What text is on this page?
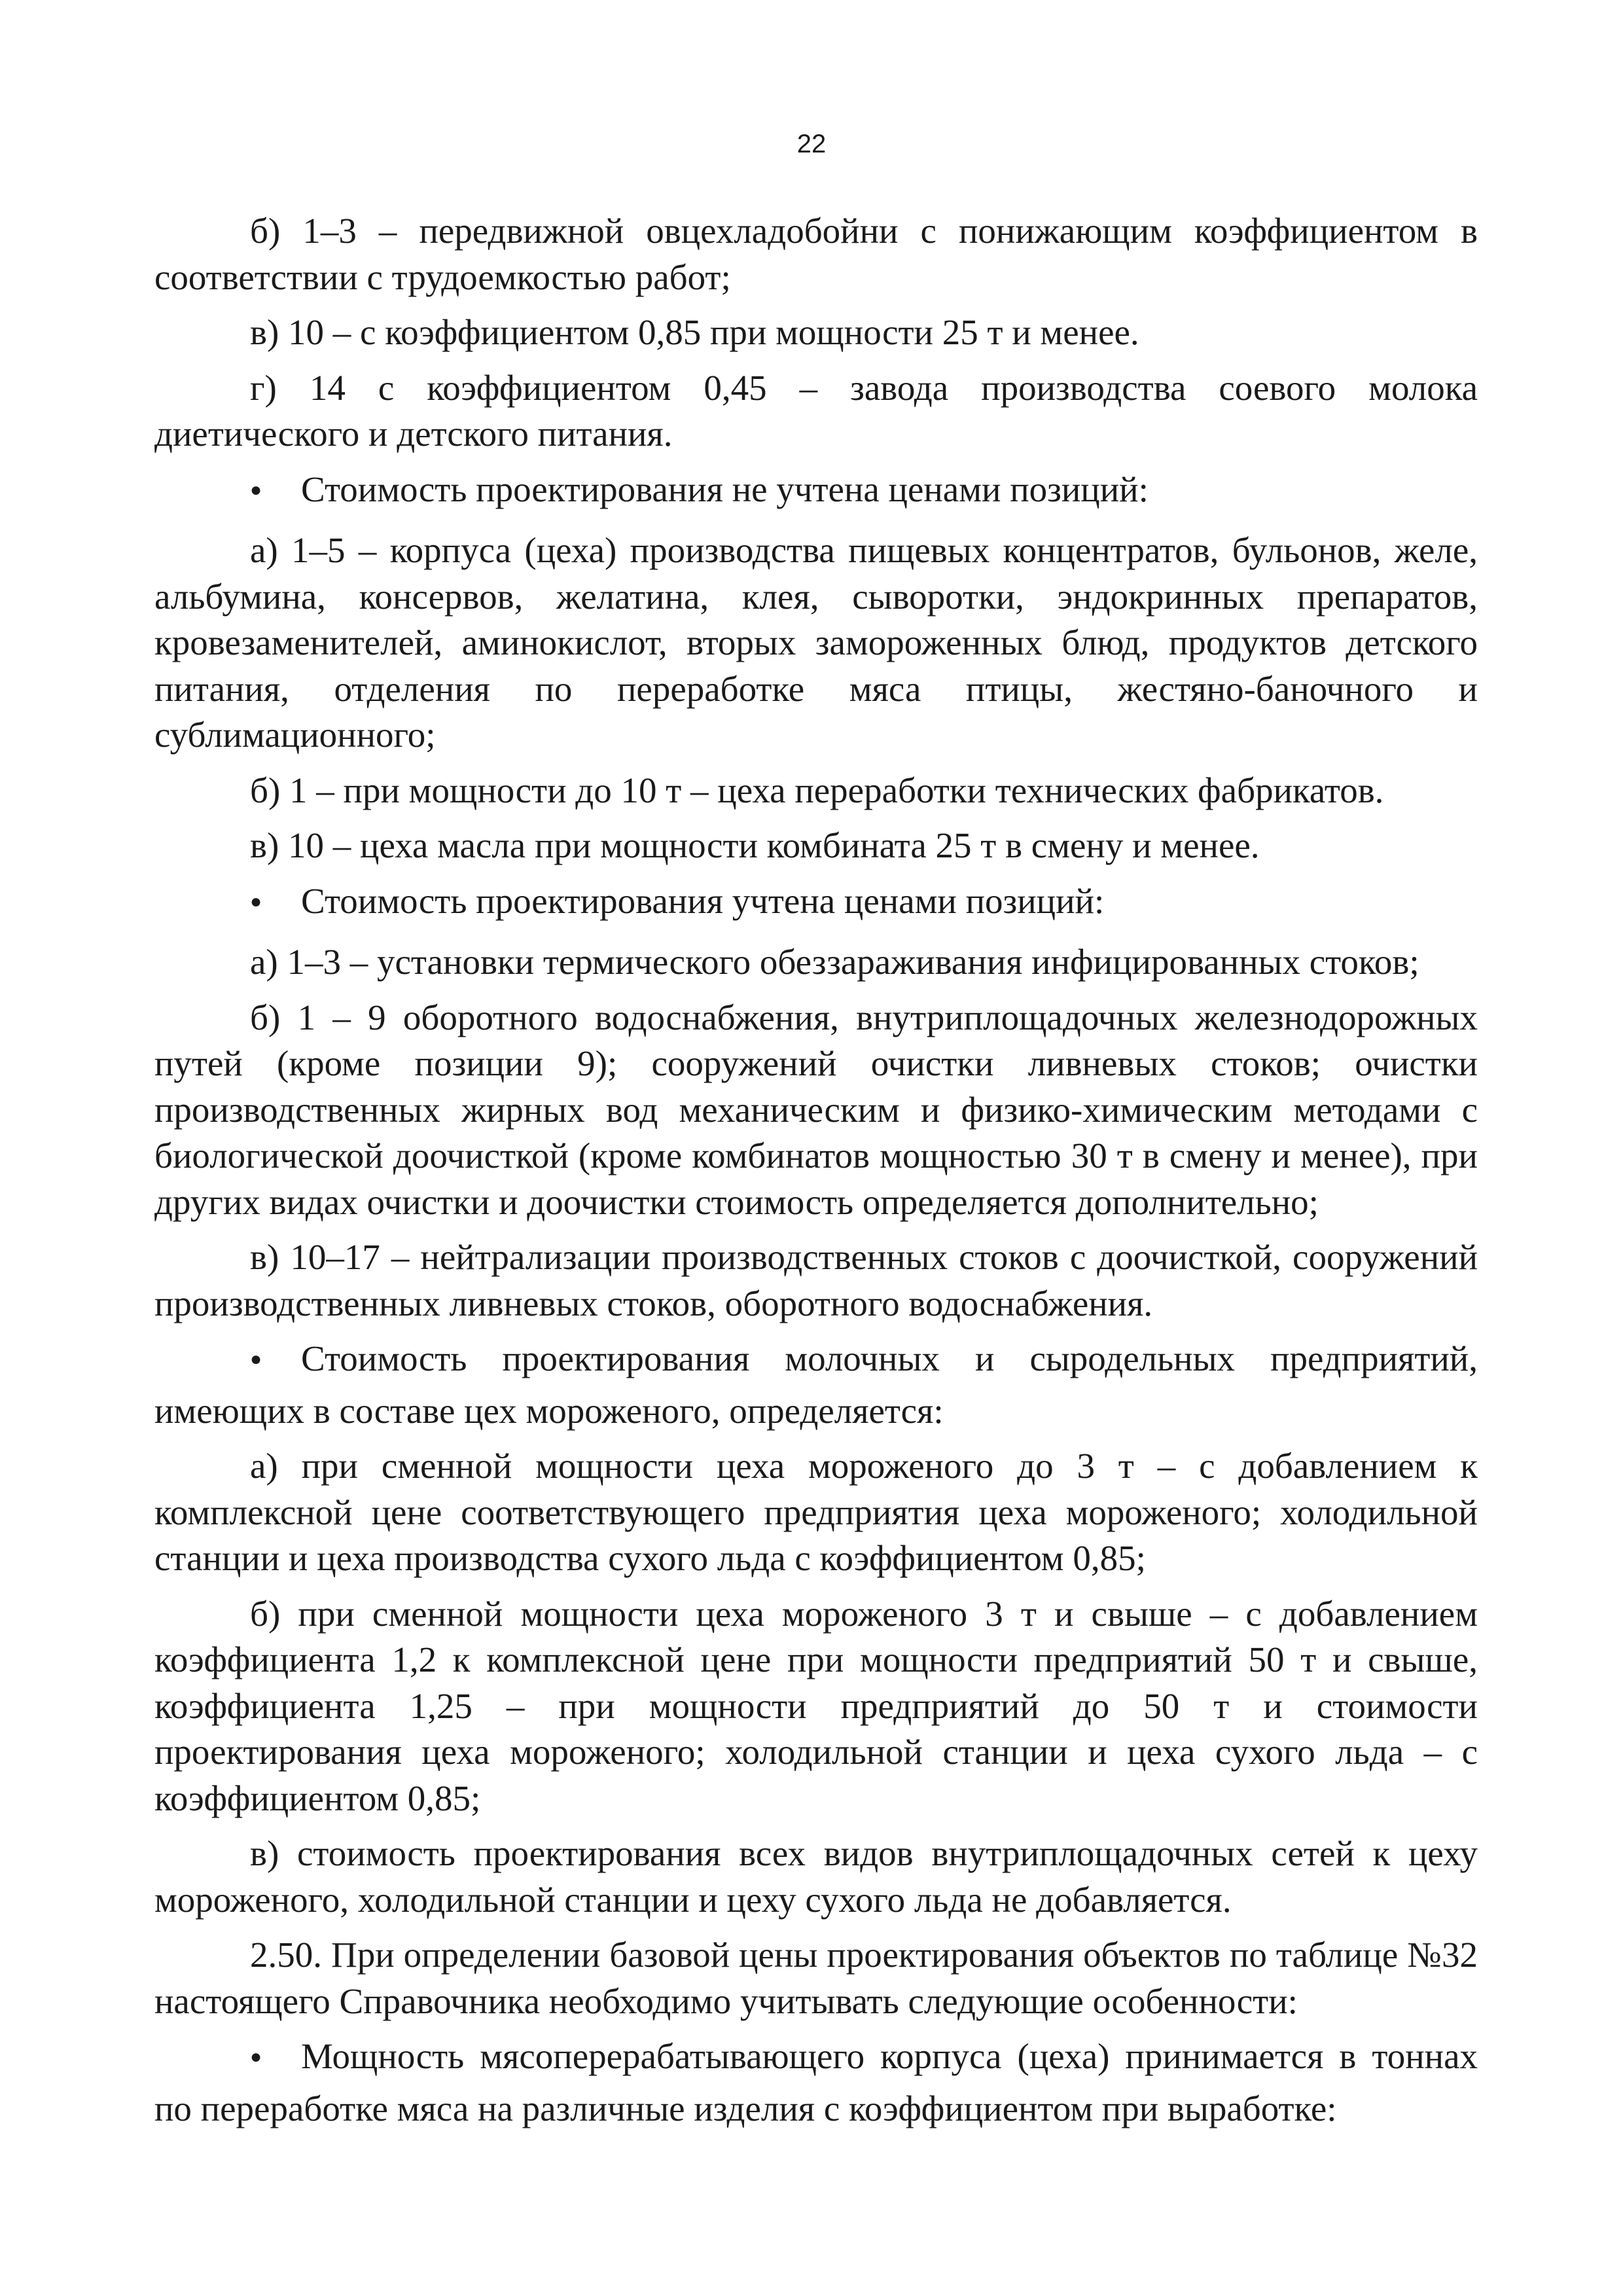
22

б) 1–3 – передвижной овцехладобойни с понижающим коэффициентом в соответствии с трудоемкостью работ;

в) 10 – с коэффициентом 0,85 при мощности 25 т и менее.

г) 14 с коэффициентом 0,45 – завода производства соевого молока диетического и детского питания.

●Стоимость проектирования не учтена ценами позиций:

а) 1–5 – корпуса (цеха) производства пищевых концентратов, бульонов, желе, альбумина, консервов, желатина, клея, сыворотки, эндокринных препаратов, кровезаменителей, аминокислот, вторых замороженных блюд, продуктов детского питания, отделения по переработке мяса птицы, жестяно-баночного и сублимационного;

б) 1 – при мощности до 10 т – цеха переработки технических фабрикатов.

в) 10 – цеха масла при мощности комбината 25 т в смену и менее.

●Стоимость проектирования учтена ценами позиций:

а) 1–3 – установки термического обеззараживания инфицированных стоков;

б) 1 – 9 оборотного водоснабжения, внутриплощадочных железнодорожных путей (кроме позиции 9); сооружений очистки ливневых стоков; очистки производственных жирных вод механическим и физико-химическим методами с биологической доочисткой (кроме комбинатов мощностью 30 т в смену и менее), при других видах очистки и доочистки стоимость определяется дополнительно;

в) 10–17 – нейтрализации производственных стоков с доочисткой, сооружений производственных ливневых стоков, оборотного водоснабжения.

●Стоимость проектирования молочных и сыродельных предприятий, имеющих в составе цех мороженого, определяется:

а) при сменной мощности цеха мороженого до 3 т – с добавлением к комплексной цене соответствующего предприятия цеха мороженого; холодильной станции и цеха производства сухого льда с коэффициентом 0,85;

б) при сменной мощности цеха мороженого 3 т и свыше – с добавлением коэффициента 1,2 к комплексной цене при мощности предприятий 50 т и свыше, коэффициента 1,25 – при мощности предприятий до 50 т и стоимости проектирования цеха мороженого; холодильной станции и цеха сухого льда – с коэффициентом 0,85;

в) стоимость проектирования всех видов внутриплощадочных сетей к цеху мороженого, холодильной станции и цеху сухого льда не добавляется.

2.50. При определении базовой цены проектирования объектов по таблице №32 настоящего Справочника необходимо учитывать следующие особенности:

●Мощность мясоперерабатывающего корпуса (цеха) принимается в тоннах по переработке мяса на различные изделия с коэффициентом при выработке:
